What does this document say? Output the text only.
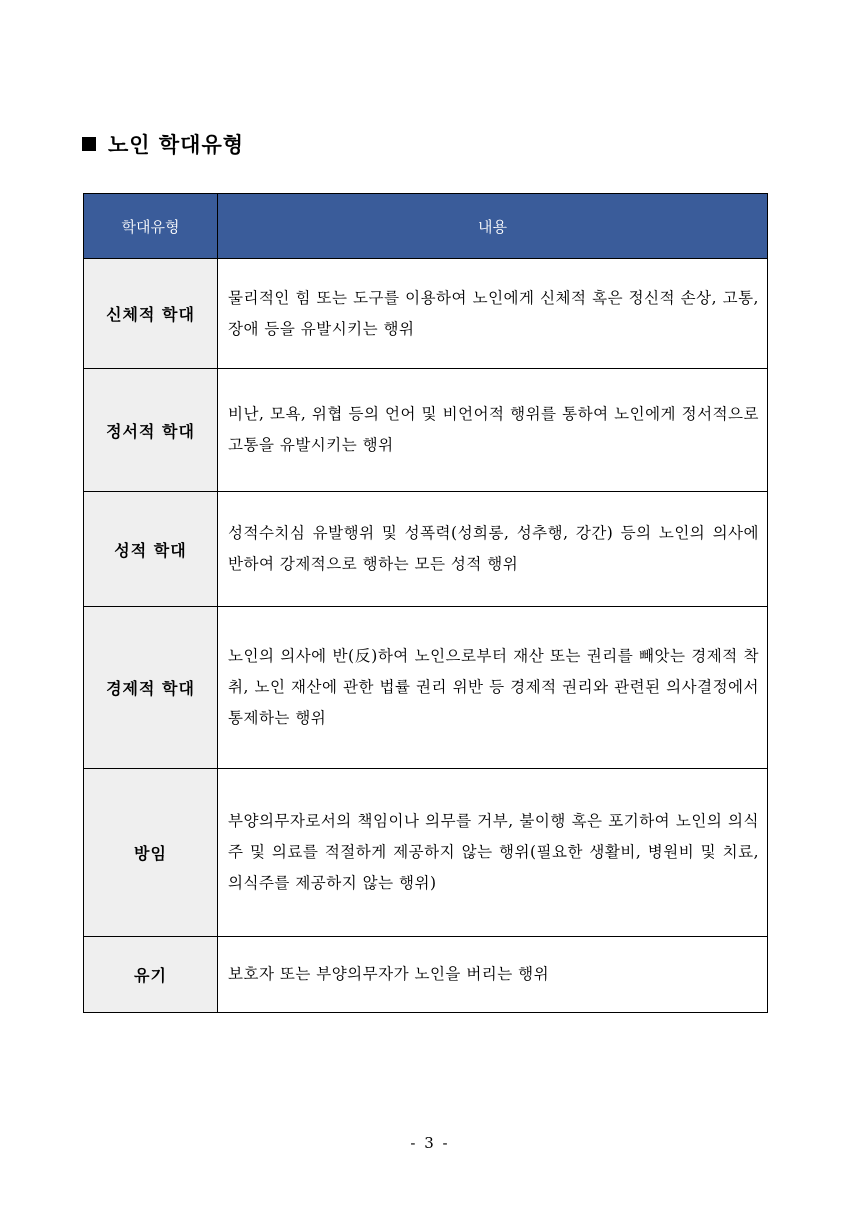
노인 학대유형
학대유형	내용
신체적 학대	물리적인 힘 또는 도구를 이용하여 노인에게 신체적 혹은 정신적 손상, 고통, 장애 등을 유발시키는 행위
정서적 학대	비난, 모욕, 위협 등의 언어 및 비언어적 행위를 통하여 노인에게 정서적으로 고통을 유발시키는 행위
성적 학대	성적수치심 유발행위 및 성폭력(성희롱, 성추행, 강간) 등의 노인의 의사에 반하여 강제적으로 행하는 모든 성적 행위
경제적 학대	노인의 의사에 반(反)하여 노인으로부터 재산 또는 권리를 빼앗는 경제적 착취, 노인 재산에 관한 법률 권리 위반 등 경제적 권리와 관련된 의사결정에서 통제하는 행위
방임	부양의무자로서의 책임이나 의무를 거부, 불이행 혹은 포기하여 노인의 의식주 및 의료를 적절하게 제공하지 않는 행위(필요한 생활비, 병원비 및 치료, 의식주를 제공하지 않는 행위)
유기	보호자 또는 부양의무자가 노인을 버리는 행위
- 3 -
